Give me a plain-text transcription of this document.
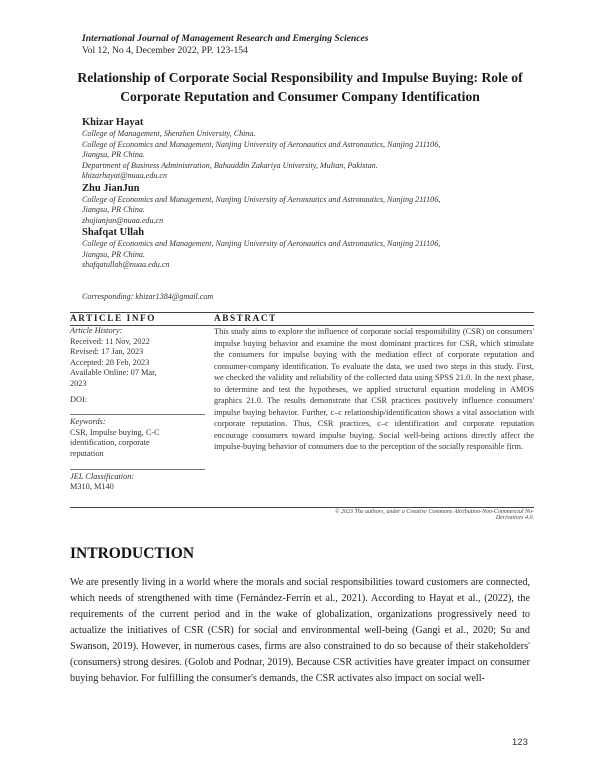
International Journal of Management Research and Emerging Sciences
Vol 12, No 4, December 2022, PP. 123-154
Relationship of Corporate Social Responsibility and Impulse Buying: Role of
Corporate Reputation and Consumer Company Identification
Khizar Hayat
College of Management, Shenzhen University, China.
College of Economics and Management, Nanjing University of Aeronautics and Astronautics, Nanjing 211106,
Jiangsu, PR China.
Department of Business Administration, Bahauddin Zakariya University, Multan, Pakistan.
khizarhayat@nuaa.edu.cn
Zhu JianJun
College of Economics and Management, Nanjing University of Aeronautics and Astronautics, Nanjing 211106,
Jiangsu, PR China.
zhujianjun@nuaa.edu.cn
Shafqat Ullah
College of Economics and Management, Nanjing University of Aeronautics and Astronautics, Nanjing 211106,
Jiangsu, PR China.
shafqatullah@nuaa.edu.cn
Corresponding: khizar1384@gmail.com
ARTICLE INFO
Article History:
Received: 11 Nov, 2022
Revised: 17 Jan, 2023
Accepted: 28 Feb, 2023
Available Online: 07 Mar,
2023
DOI:
Keywords:
CSR, Impulse buying, C-C
identification, corporate
reputation
JEL Classification:
M310, M140
ABSTRACT
This study aims to explore the influence of corporate social responsibility (CSR) on consumers' impulse buying behavior and examine the most dominant practices for CSR, which stimulate the consumers for impulse buying with the mediation effect of corporate reputation and consumer-company identification. To evaluate the data, we used two steps in this study. First, we checked the validity and reliability of the collected data using SPSS 21.0. In the next phase, to determine and test the hypotheses, we applied structural equation modeling in AMOS graphics 21.0. The results demonstrate that CSR practices positively influence consumers' impulse buying behavior. Further, c–c relationship/identification shows a vital association with corporate reputation. Thus, CSR practices, c–c identification and corporate reputation encourage consumers toward impulse buying. Social well-being actions directly affect the impulse-buying behavior of consumers due to the perception of the socially responsible firm.
© 2023 The authors, under a Creative Commons Attribution-Non-Commercial No-Derivatives 4.0.
INTRODUCTION
We are presently living in a world where the morals and social responsibilities toward customers are connected, which needs of strengthened with time (Fernández-Ferrín et al., 2021). According to Hayat et al., (2022), the requirements of the current period and in the wake of globalization, organizations progressively need to actualize the initiatives of CSR (CSR) for social and environmental well-being (Gangi et al., 2020; Su and Swanson, 2019). However, in numerous cases, firms are also constrained to do so because of their stakeholders' (consumers) strong desires. (Golob and Podnar, 2019). Because CSR activities have greater impact on consumer buying behavior. For fulfilling the consumer's demands, the CSR activates also impact on social well-
123
